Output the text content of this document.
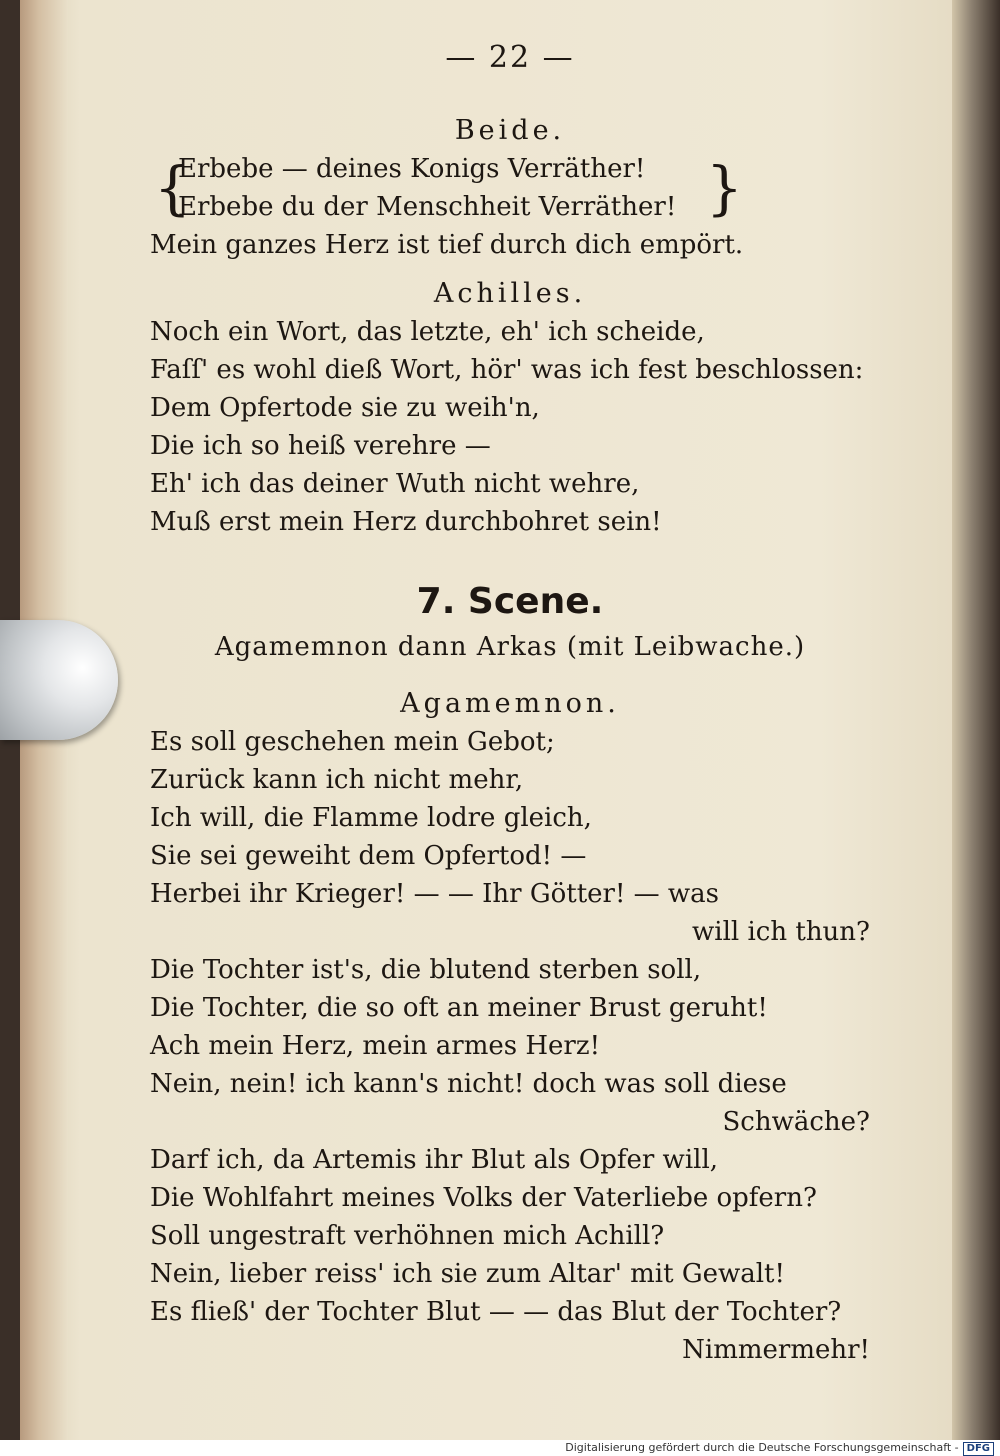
— 22 —
Beide.
{
Erbebe — deines Konigs Verräther!
Erbebe du der Menschheit Verräther! }
Mein ganzes Herz ist tief durch dich empört.
Achilles.
Noch ein Wort, das letzte, eh' ich scheide,
Faſſ' es wohl dieß Wort, hör' was ich fest beschlossen:
Dem Opfertode sie zu weih'n,
Die ich so heiß verehre —
Eh' ich das deiner Wuth nicht wehre,
Muß erst mein Herz durchbohret sein!
7. Scene.
Agamemnon dann Arkas (mit Leibwache.)
Agamemnon.
Es soll geschehen mein Gebot;
Zurück kann ich nicht mehr,
Ich will, die Flamme lodre gleich,
Sie sei geweiht dem Opfertod! —
Herbei ihr Krieger! — — Ihr Götter! — was
will ich thun?
Die Tochter ist's, die blutend sterben soll,
Die Tochter, die so oft an meiner Brust geruht!
Ach mein Herz, mein armes Herz!
Nein, nein! ich kann's nicht! doch was soll diese
Schwäche?
Darf ich, da Artemis ihr Blut als Opfer will,
Die Wohlfahrt meines Volks der Vaterliebe opfern?
Soll ungestraft verhöhnen mich Achill?
Nein, lieber reiss' ich sie zum Altar' mit Gewalt!
Es fließ' der Tochter Blut — — das Blut der Tochter?
Nimmermehr!
Digitalisierung gefördert durch die Deutsche Forschungsgemeinschaft - DFG
